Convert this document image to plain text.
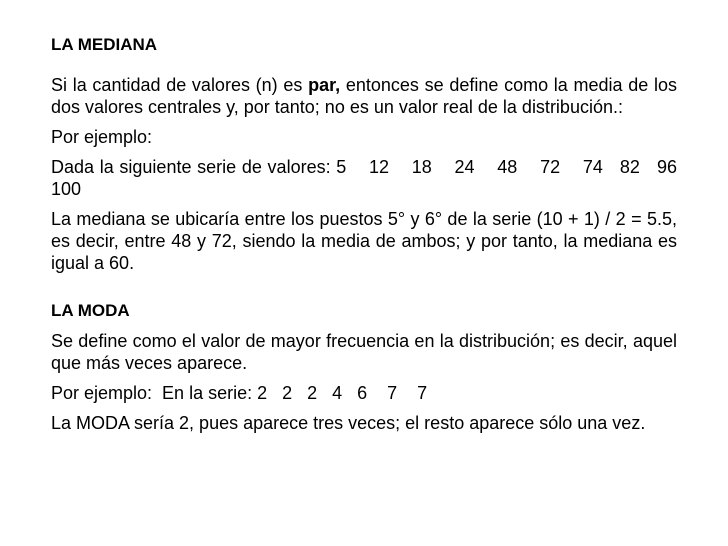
LA MEDIANA

Si la cantidad de valores (n) es par, entonces se define como la media de los dos valores centrales y, por tanto; no es un valor real de la distribución.:

Por ejemplo:

Dada la siguiente serie de valores: 5    12    18    24    48    72    74   82   96   100

La mediana se ubicaría entre los puestos 5° y 6° de la serie (10 + 1) / 2 = 5.5, es decir, entre 48 y 72, siendo la media de ambos; y por tanto, la mediana es igual a 60.

LA MODA

Se define como el valor de mayor frecuencia en la distribución; es decir, aquel que más veces aparece.

Por ejemplo:  En la serie: 2   2   2   4   6    7    7

La MODA sería 2, pues aparece tres veces; el resto aparece sólo una vez.
